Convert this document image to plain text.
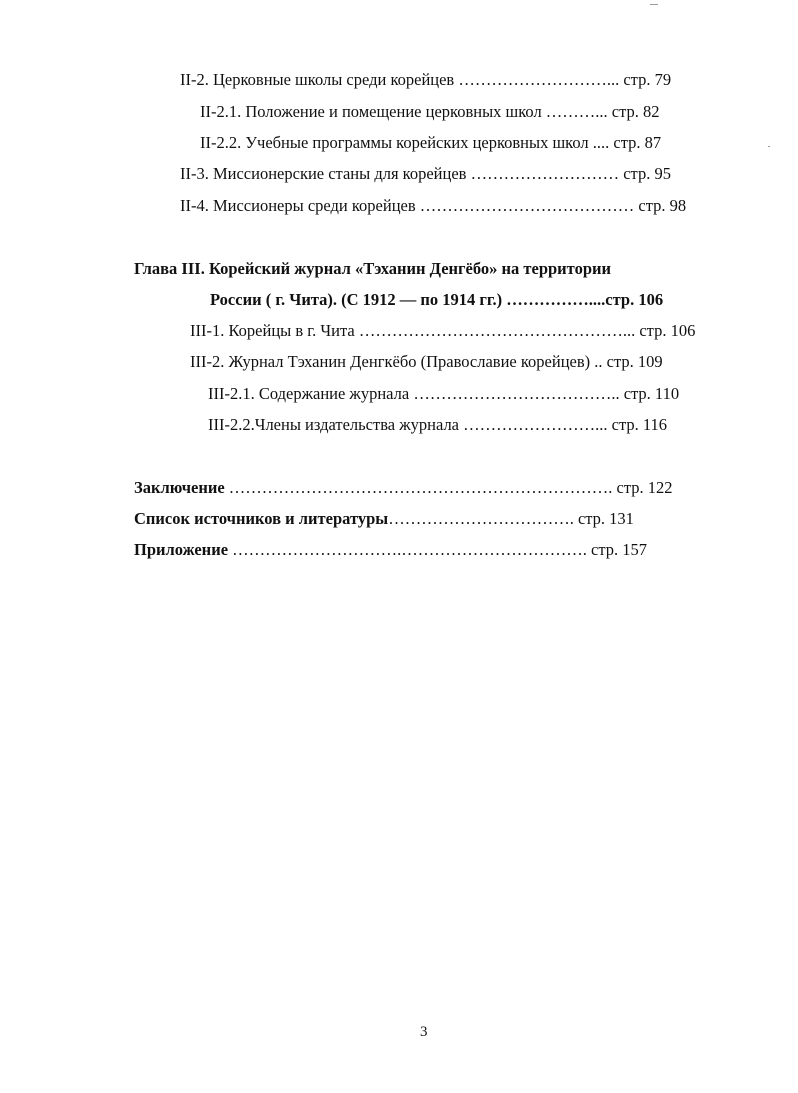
II-2. Церковные школы среди корейцев ………………………... стр. 79
II-2.1. Положение и помещение церковных школ ………... стр. 82
II-2.2. Учебные программы корейских церковных школ .... стр. 87
II-3. Миссионерские станы для корейцев ……………………… стр. 95
II-4. Миссионеры среди корейцев ………………………………… стр. 98
Глава III. Корейский журнал «Тэханин Денгёбо» на территории
России ( г. Чита). (С 1912 — по 1914 гг.) ……………....стр. 106
III-1. Корейцы в г. Чита …………………………………………... стр. 106
III-2. Журнал Тэханин Денгкёбо (Православие корейцев) .. стр. 109
III-2.1. Содержание журнала ……………………………….. стр. 110
III-2.2.Члены издательства журнала ……………………... стр. 116
Заключение ……………………………………………………………. стр. 122
Список источников и литературы……………………………. стр. 131
Приложение ………………………….……………………………. стр. 157
3
